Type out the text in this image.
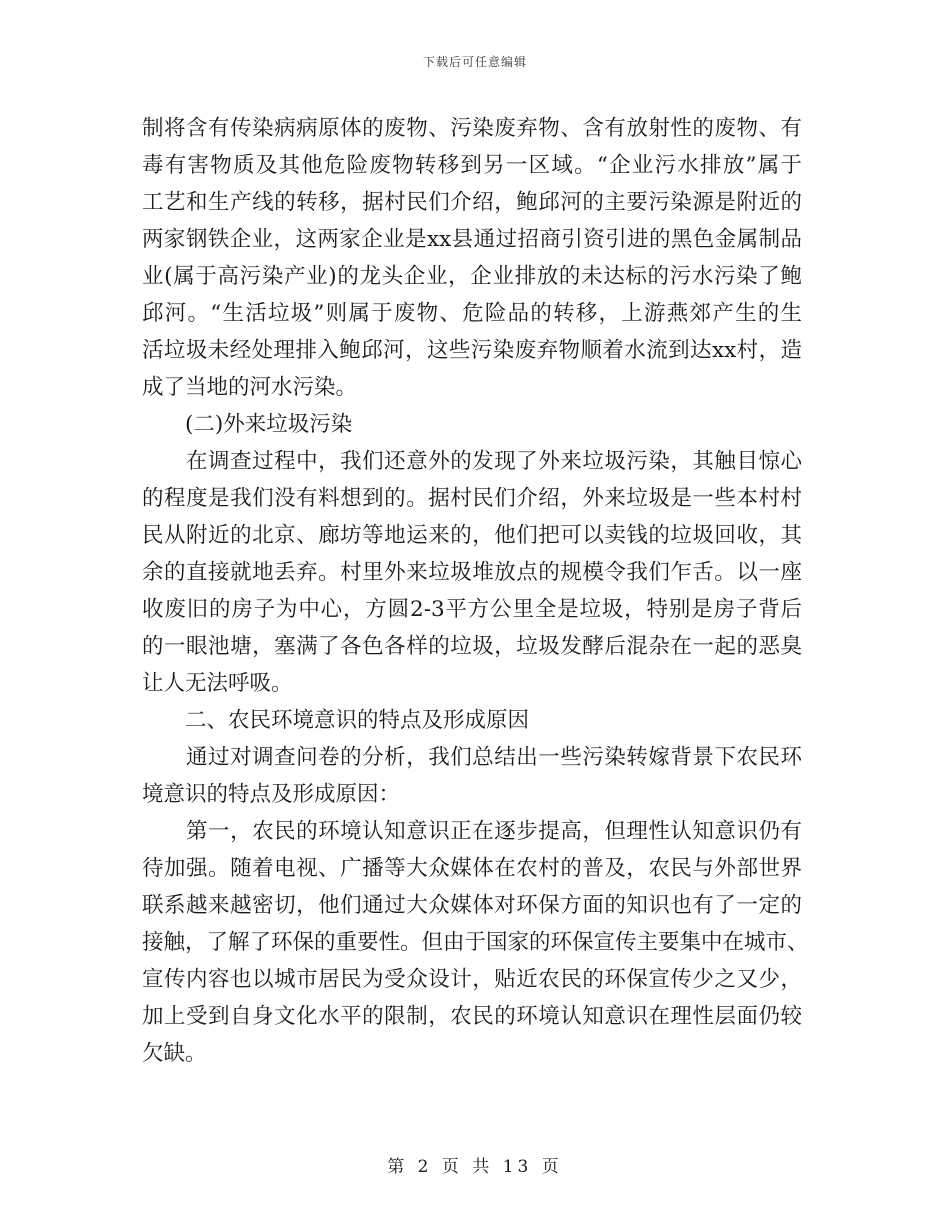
下载后可任意编辑
制将含有传染病病原体的废物、污染废弃物、含有放射性的废物、有
毒有害物质及其他危险废物转移到另一区域。“企业污水排放”属于
工艺和生产线的转移，据村民们介绍，鲍邱河的主要污染源是附近的
两家钢铁企业，这两家企业是xx县通过招商引资引进的黑色金属制品
业(属于高污染产业)的龙头企业，企业排放的未达标的污水污染了鲍
邱河。“生活垃圾”则属于废物、危险品的转移，上游燕郊产生的生
活垃圾未经处理排入鲍邱河，这些污染废弃物顺着水流到达xx村，造
成了当地的河水污染。
　　(二)外来垃圾污染
　　在调查过程中，我们还意外的发现了外来垃圾污染，其触目惊心
的程度是我们没有料想到的。据村民们介绍，外来垃圾是一些本村村
民从附近的北京、廊坊等地运来的，他们把可以卖钱的垃圾回收，其
余的直接就地丢弃。村里外来垃圾堆放点的规模令我们乍舌。以一座
收废旧的房子为中心，方圆2-3平方公里全是垃圾，特别是房子背后
的一眼池塘，塞满了各色各样的垃圾，垃圾发酵后混杂在一起的恶臭
让人无法呼吸。
　　二、农民环境意识的特点及形成原因
　　通过对调查问卷的分析，我们总结出一些污染转嫁背景下农民环
境意识的特点及形成原因：
　　第一，农民的环境认知意识正在逐步提高，但理性认知意识仍有
待加强。随着电视、广播等大众媒体在农村的普及，农民与外部世界
联系越来越密切，他们通过大众媒体对环保方面的知识也有了一定的
接触，了解了环保的重要性。但由于国家的环保宣传主要集中在城市、
宣传内容也以城市居民为受众设计，贴近农民的环保宣传少之又少，
加上受到自身文化水平的限制，农民的环境认知意识在理性层面仍较
欠缺。
第 2 页 共 13 页
